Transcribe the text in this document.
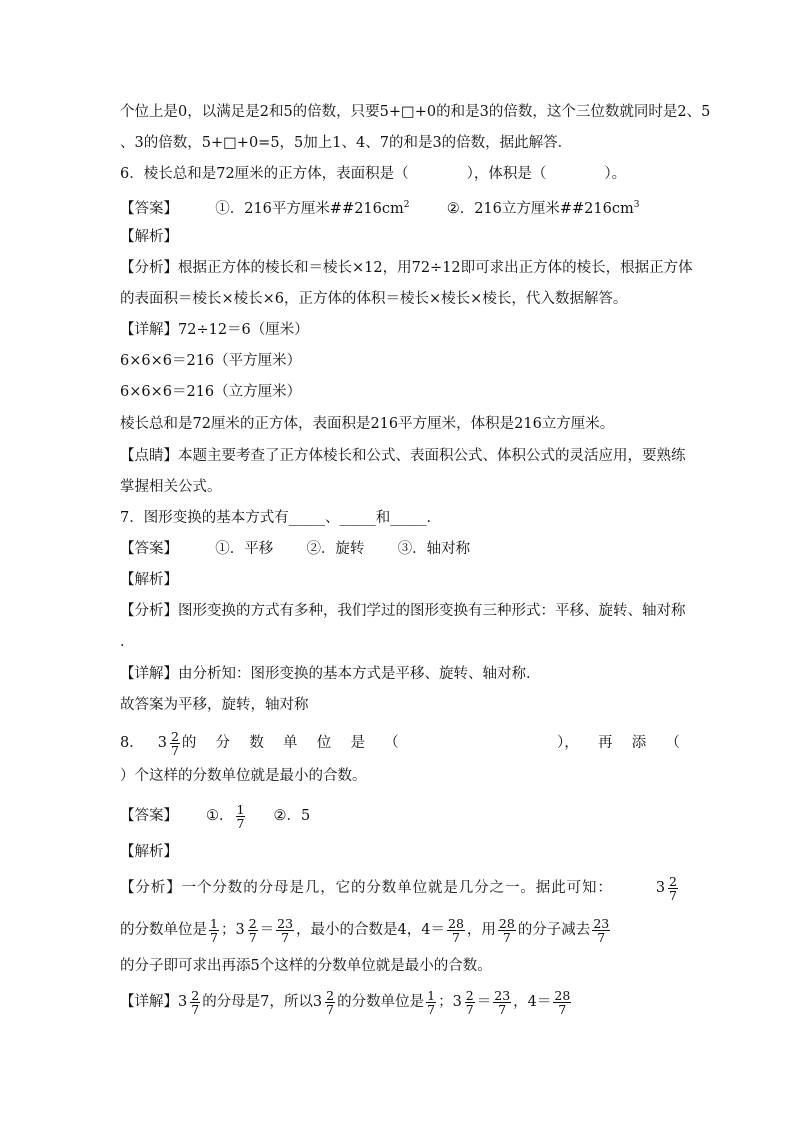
个位上是0，以满足是2和5的倍数，只要5+□+0的和是3的倍数，这个三位数就同时是2、5
、3的倍数，5+□+0=5，5加上1、4、7的和是3的倍数，据此解答．
6．棱长总和是72厘米的正方体，表面积是（　　　　），体积是（　　　　）。
【答案】	①．216平方厘米$\#\#216cm^2$	②．216立方厘米$\#\#216cm^3$
【解析】
【分析】根据正方体的棱长和＝棱长×12，用72÷12即可求出正方体的棱长，根据正方体
的表面积＝棱长×棱长×6，正方体的体积＝棱长×棱长×棱长，代入数据解答。
【详解】72÷12＝6（厘米）
6×6×6＝216（平方厘米）
6×6×6＝216（立方厘米）
棱长总和是72厘米的正方体，表面积是216平方厘米，体积是216立方厘米。
【点睛】本题主要考查了正方体棱长和公式、表面积公式、体积公式的灵活应用，要熟练
掌握相关公式。
7．图形变换的基本方式有_____、_____和_____．
【答案】	①．平移 ②．旋转 ③．轴对称
【解析】
【分析】图形变换的方式有多种，我们学过的图形变换有三种形式：平移、旋转、轴对称
．
【详解】由分析知：图形变换的基本方式是平移、旋转、轴对称．
故答案为平移，旋转，轴对称
8． $3 \frac{2}{7}$ 的 分 数 单 位 是 （	）， 再 添 （
）个这样的分数单位就是最小的合数。
【答案】 ①． $\frac{1}{7}$ ②．5
【解析】
【分析】一个分数的分母是几，它的分数单位就是几分之一。据此可知：	$3 \frac{2}{7}$
的分数单位是 $\frac{1}{7}$ ； $3 \frac{2}{7} = \frac{23}{7}$ ，最小的合数是4，$4= \frac{28}{7}$ ，用 $\frac{28}{7}$ 的分子减去 $\frac{23}{7}$
的分子即可求出再添5个这样的分数单位就是最小的合数。
【详解】 $3 \frac{2}{7}$ 的分母是7，所以 $3 \frac{2}{7}$ 的分数单位是 $\frac{1}{7}$ ； $3 \frac{2}{7} = \frac{23}{7}$ ，$4= \frac{28}{7}$
